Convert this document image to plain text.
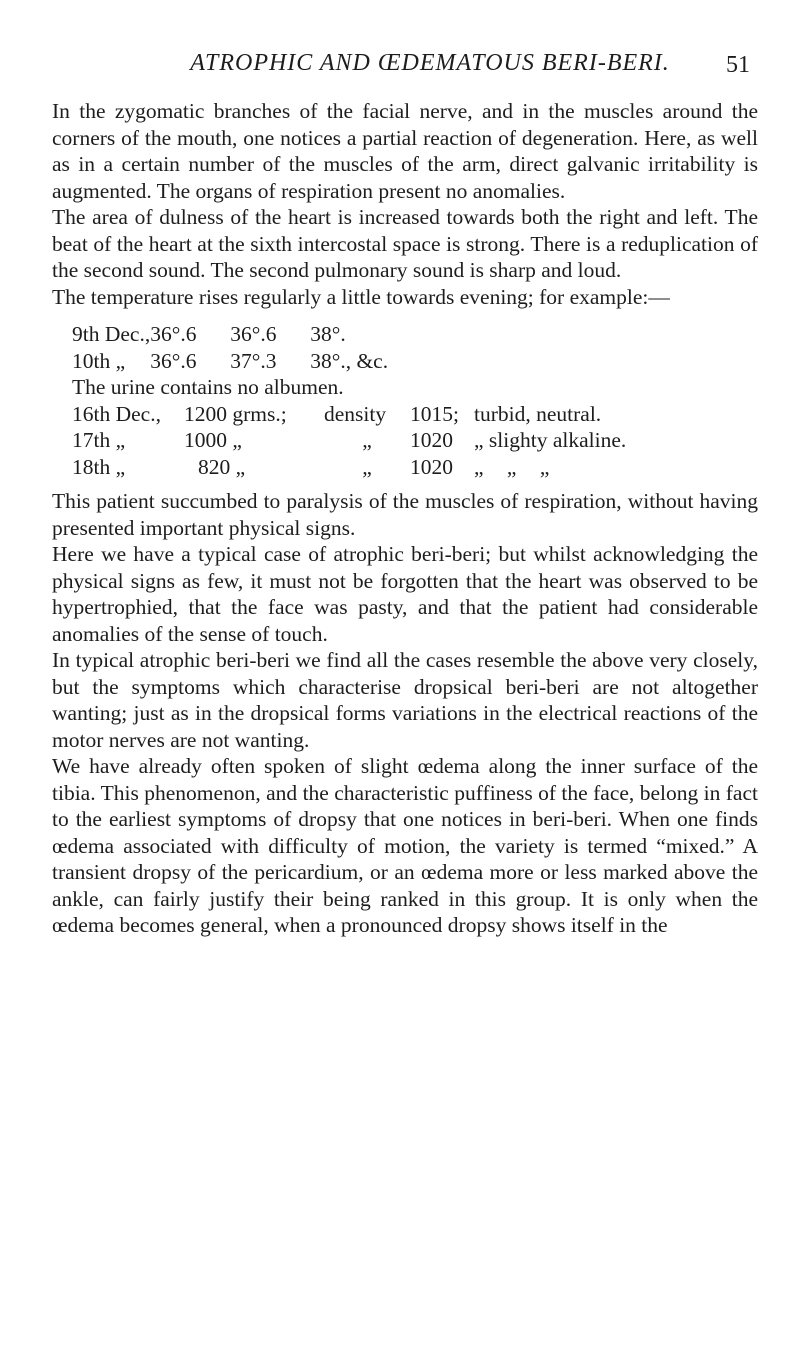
ATROPHIC AND ŒDEMATOUS BERI-BERI.	51

In the zygomatic branches of the facial nerve, and in the muscles around the corners of the mouth, one notices a partial reaction of degeneration. Here, as well as in a certain number of the muscles of the arm, direct galvanic irritability is augmented. The organs of respiration present no anomalies.

The area of dulness of the heart is increased towards both the right and left. The beat of the heart at the sixth intercostal space is strong. There is a reduplication of the second sound. The second pulmonary sound is sharp and loud.

The temperature rises regularly a little towards evening; for example:—

9th Dec.,	36°.6	36°.6	38°.
10th „	36°.6	37°.3	38°., &c.

The urine contains no albumen.

16th Dec.,	1200 grms.;	density	1015;	turbid, neutral.
17th „	1000 „	„	1020	„ slighty alkaline.
18th „	820 „	„	1020	„ „ „

This patient succumbed to paralysis of the muscles of respiration, without having presented important physical signs.

Here we have a typical case of atrophic beri-beri; but whilst acknowledging the physical signs as few, it must not be forgotten that the heart was observed to be hypertrophied, that the face was pasty, and that the patient had considerable anomalies of the sense of touch.

In typical atrophic beri-beri we find all the cases resemble the above very closely, but the symptoms which characterise dropsical beri-beri are not altogether wanting; just as in the dropsical forms variations in the electrical reactions of the motor nerves are not wanting.

We have already often spoken of slight œdema along the inner surface of the tibia. This phenomenon, and the characteristic puffiness of the face, belong in fact to the earliest symptoms of dropsy that one notices in beri-beri. When one finds œdema associated with difficulty of motion, the variety is termed “mixed.” A transient dropsy of the pericardium, or an œdema more or less marked above the ankle, can fairly justify their being ranked in this group. It is only when the œdema becomes general, when a pronounced dropsy shows itself in the
